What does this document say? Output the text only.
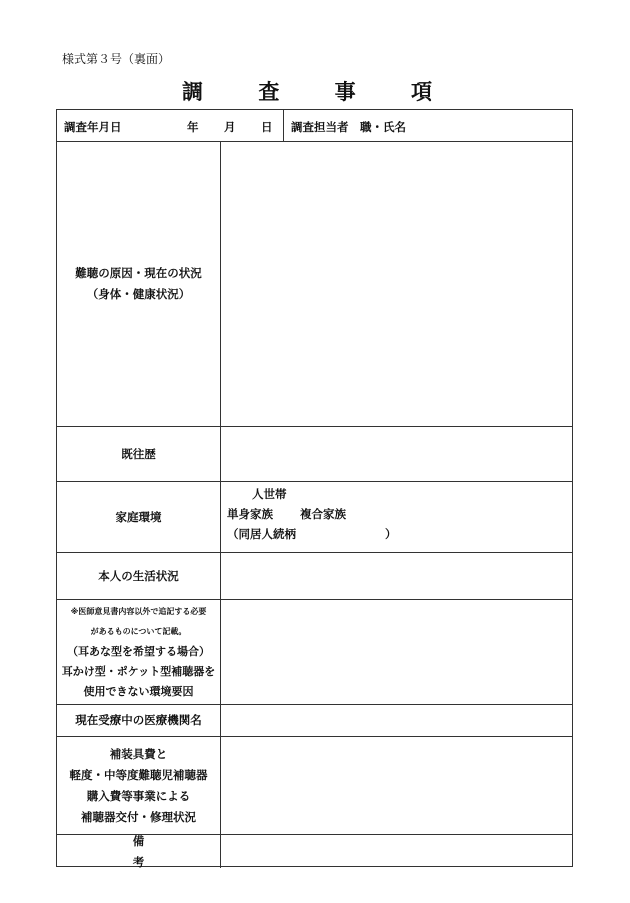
様式第３号（裏面）
調 査 事 項
調査年月日	年 月 日 調査担当者　職・氏名
難聴の原因・現在の状況
（身体・健康状況）
既往歴
家庭環境
人世帯
単身家族 複合家族
（同居人続柄	）
本人の生活状況
※医師意見書内容以外で追記する必要
があるものについて記載。
（耳あな型を希望する場合）
耳かけ型・ポケット型補聴器を
使用できない環境要因
現在受療中の医療機関名
補装具費と
軽度・中等度難聴児補聴器
購入費等事業による
補聴器交付・修理状況
備　考
